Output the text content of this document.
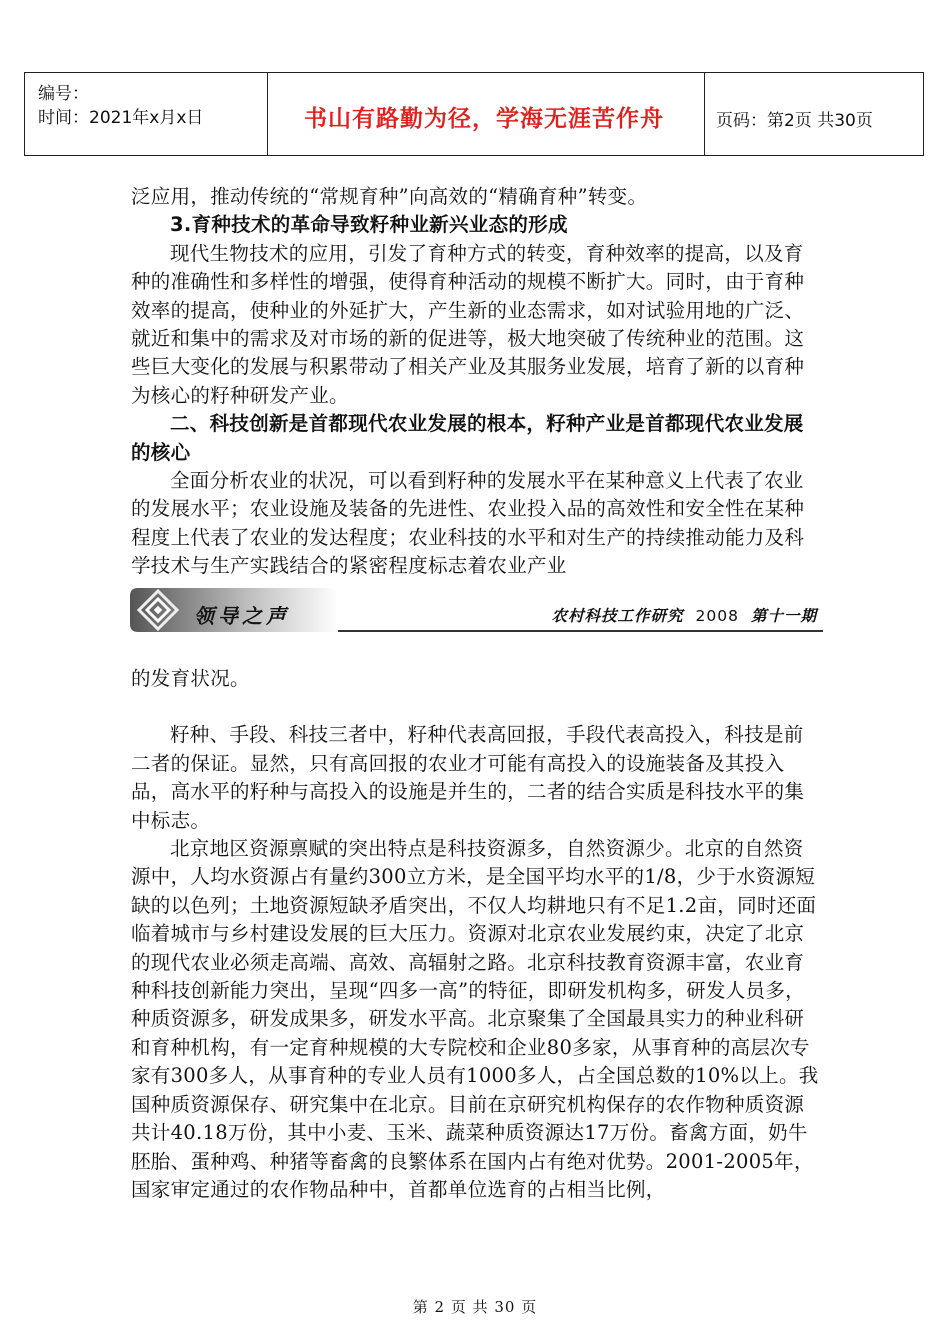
编号：
时间：2021年x月x日	书山有路勤为径，学海无涯苦作舟	页码：第2页 共30页

泛应用，推动传统的“常规育种”向高效的“精确育种”转变。

3.育种技术的革命导致籽种业新兴业态的形成

现代生物技术的应用，引发了育种方式的转变，育种效率的提高，以及育种的准确性和多样性的增强，使得育种活动的规模不断扩大。同时，由于育种效率的提高，使种业的外延扩大，产生新的业态需求，如对试验用地的广泛、就近和集中的需求及对市场的新的促进等，极大地突破了传统种业的范围。这些巨大变化的发展与积累带动了相关产业及其服务业发展，培育了新的以育种为核心的籽种研发产业。

二、科技创新是首都现代农业发展的根本，籽种产业是首都现代农业发展的核心

全面分析农业的状况，可以看到籽种的发展水平在某种意义上代表了农业的发展水平；农业设施及装备的先进性、农业投入品的高效性和安全性在某种程度上代表了农业的发达程度；农业科技的水平和对生产的持续推动能力及科学技术与生产实践结合的紧密程度标志着农业产业

领导之声	农村科技工作研究 2008 第十一期

的发育状况。

籽种、手段、科技三者中，籽种代表高回报，手段代表高投入，科技是前二者的保证。显然，只有高回报的农业才可能有高投入的设施装备及其投入品，高水平的籽种与高投入的设施是并生的，二者的结合实质是科技水平的集中标志。

北京地区资源禀赋的突出特点是科技资源多，自然资源少。北京的自然资源中，人均水资源占有量约300立方米，是全国平均水平的1/8，少于水资源短缺的以色列；土地资源短缺矛盾突出，不仅人均耕地只有不足1.2亩，同时还面临着城市与乡村建设发展的巨大压力。资源对北京农业发展约束，决定了北京的现代农业必须走高端、高效、高辐射之路。北京科技教育资源丰富，农业育种科技创新能力突出，呈现“四多一高”的特征，即研发机构多，研发人员多，种质资源多，研发成果多，研发水平高。北京聚集了全国最具实力的种业科研和育种机构，有一定育种规模的大专院校和企业80多家，从事育种的高层次专家有300多人，从事育种的专业人员有1000多人，占全国总数的10%以上。我国种质资源保存、研究集中在北京。目前在京研究机构保存的农作物种质资源共计40.18万份，其中小麦、玉米、蔬菜种质资源达17万份。畜禽方面，奶牛胚胎、蛋种鸡、种猪等畜禽的良繁体系在国内占有绝对优势。2001-2005年，国家审定通过的农作物品种中，首都单位选育的占相当比例，

第 2 页 共 30 页
